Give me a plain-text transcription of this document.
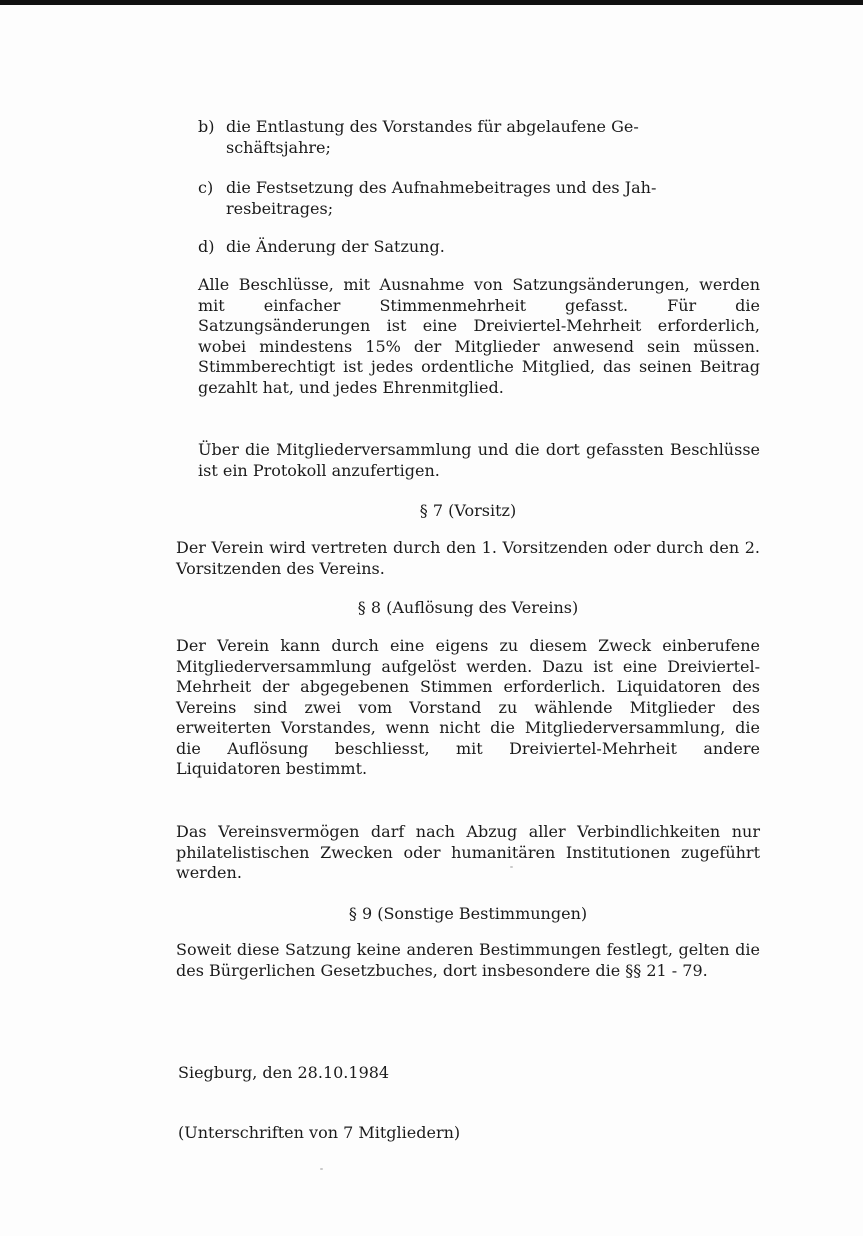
b) die Entlastung des Vorstandes für abgelaufene Ge-
schäftsjahre;
c) die Festsetzung des Aufnahmebeitrages und des Jah-
resbeitrages;
d) die Änderung der Satzung.
Alle Beschlüsse, mit Ausnahme von Satzungsänderungen, werden mit einfacher Stimmenmehrheit gefasst. Für die Satzungsänderungen ist eine Dreiviertel-Mehrheit erforderlich, wobei mindestens 15% der Mitglieder anwesend sein müssen. Stimmberechtigt ist jedes ordentliche Mitglied, das seinen Beitrag gezahlt hat, und jedes Ehrenmitglied.
Über die Mitgliederversammlung und die dort gefassten Beschlüsse ist ein Protokoll anzufertigen.
§ 7 (Vorsitz)
Der Verein wird vertreten durch den 1. Vorsitzenden oder durch den 2. Vorsitzenden des Vereins.
§ 8 (Auflösung des Vereins)
Der Verein kann durch eine eigens zu diesem Zweck einberufene Mitgliederversammlung aufgelöst werden. Dazu ist eine Dreiviertel-Mehrheit der abgegebenen Stimmen erforderlich. Liquidatoren des Vereins sind zwei vom Vorstand zu wählende Mitglieder des erweiterten Vorstandes, wenn nicht die Mitgliederversammlung, die die Auflösung beschliesst, mit Dreiviertel-Mehrheit andere Liquidatoren bestimmt.
Das Vereinsvermögen darf nach Abzug aller Verbindlichkeiten nur philatelistischen Zwecken oder humanitären Institutionen zugeführt werden.
§ 9 (Sonstige Bestimmungen)
Soweit diese Satzung keine anderen Bestimmungen festlegt, gelten die des Bürgerlichen Gesetzbuches, dort insbesondere die §§ 21 - 79.
Siegburg, den 28.10.1984
(Unterschriften von 7 Mitgliedern)
